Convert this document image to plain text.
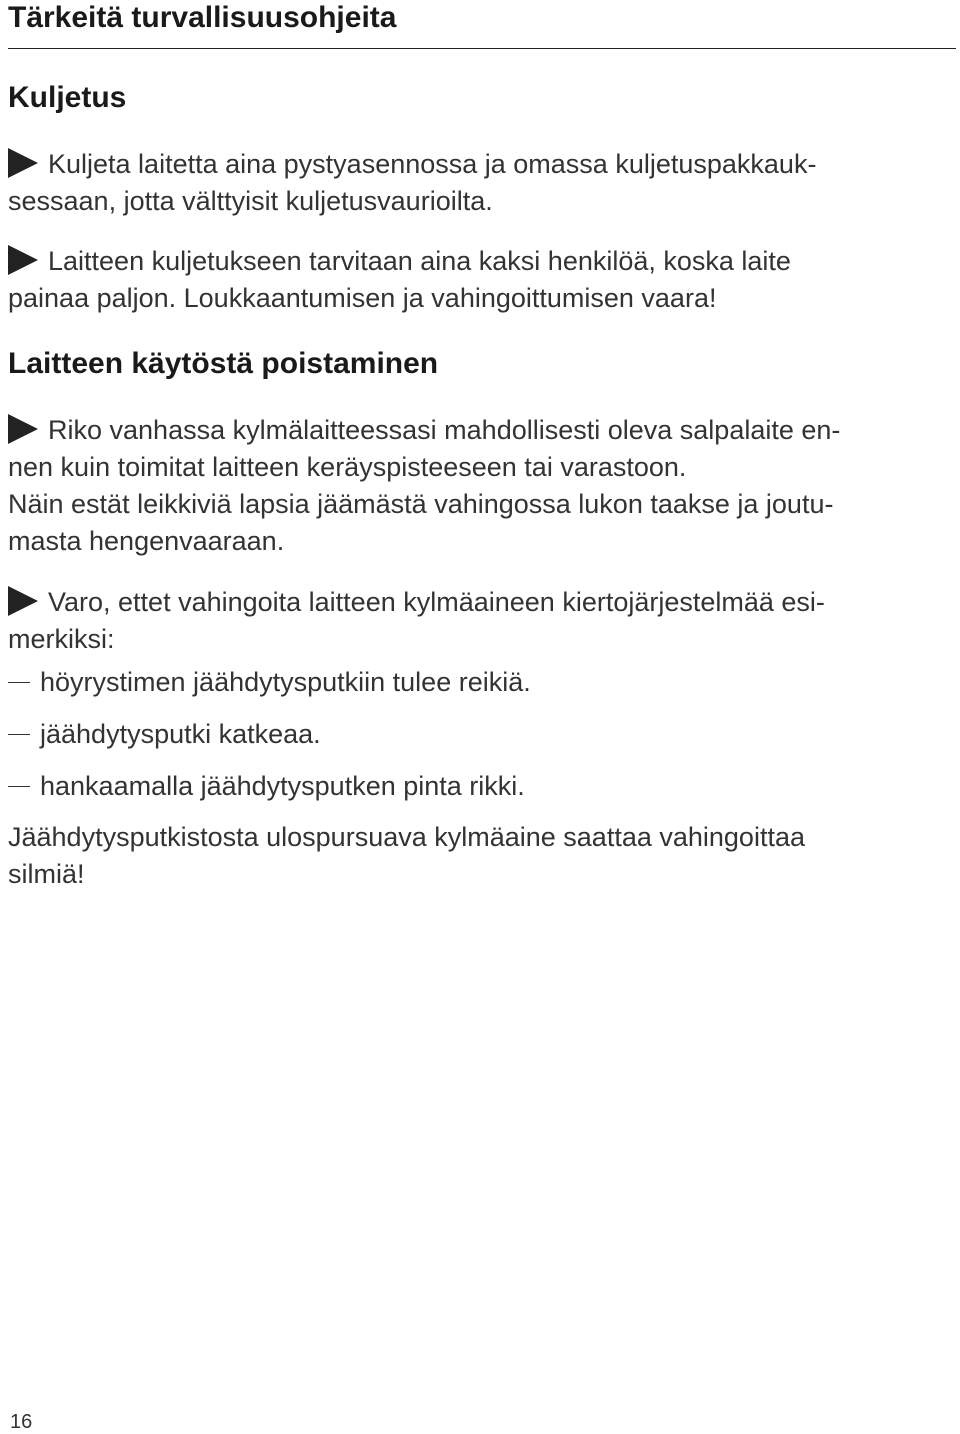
Tärkeitä turvallisuusohjeita
Kuljetus

Kuljeta laitetta aina pystyasennossa ja omassa kuljetuspakkauk-
sessaan, jotta välttyisit kuljetusvaurioilta.

Laitteen kuljetukseen tarvitaan aina kaksi henkilöä, koska laite
painaa paljon. Loukkaantumisen ja vahingoittumisen vaara!

Laitteen käytöstä poistaminen

Riko vanhassa kylmälaitteessasi mahdollisesti oleva salpalaite en-
nen kuin toimitat laitteen keräyspisteeseen tai varastoon.
Näin estät leikkiviä lapsia jäämästä vahingossa lukon taakse ja joutu-
masta hengenvaaraan.

Varo, ettet vahingoita laitteen kylmäaineen kiertojärjestelmää esi-
merkiksi:

höyrystimen jäähdytysputkiin tulee reikiä.
jäähdytysputki katkeaa.
hankaamalla jäähdytysputken pinta rikki.

Jäähdytysputkistosta ulospursuava kylmäaine saattaa vahingoittaa
silmiä!

16
